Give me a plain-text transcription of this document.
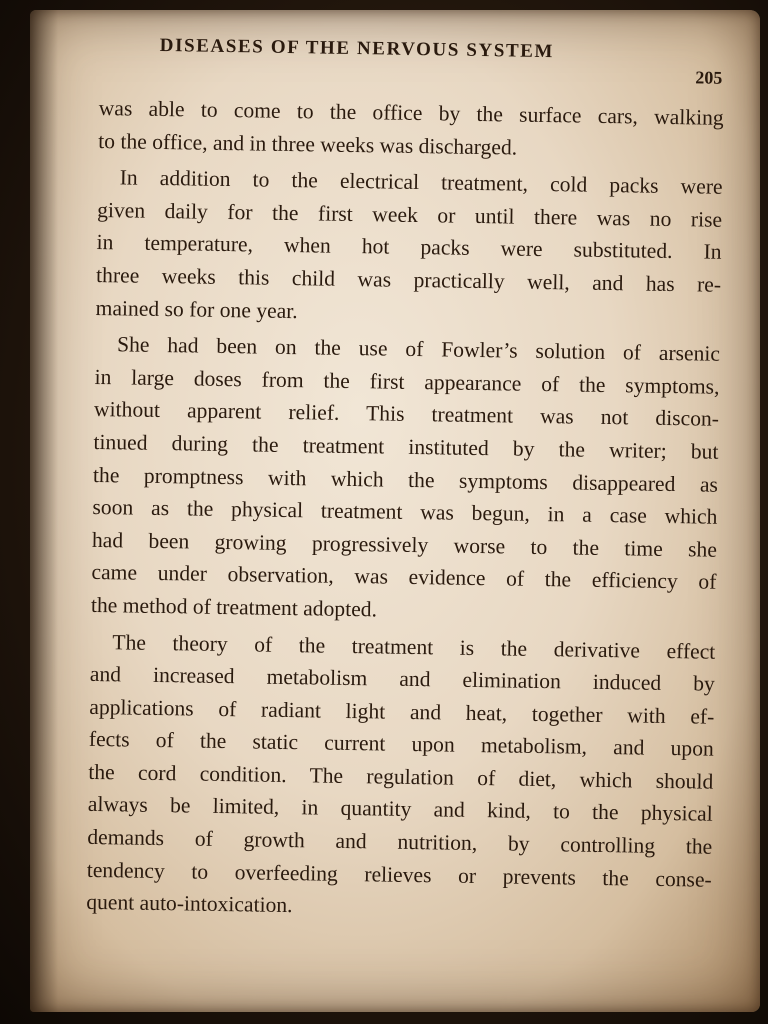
DISEASES OF THE NERVOUS SYSTEM
205
was able to come to the office by the surface cars, walking
to the office, and in three weeks was discharged.
In addition to the electrical treatment, cold packs were
given daily for the first week or until there was no rise
in temperature, when hot packs were substituted. In
three weeks this child was practically well, and has re-
mained so for one year.
She had been on the use of Fowler’s solution of arsenic
in large doses from the first appearance of the symptoms,
without apparent relief. This treatment was not discon-
tinued during the treatment instituted by the writer; but
the promptness with which the symptoms disappeared as
soon as the physical treatment was begun, in a case which
had been growing progressively worse to the time she
came under observation, was evidence of the efficiency of
the method of treatment adopted.
The theory of the treatment is the derivative effect
and increased metabolism and elimination induced by
applications of radiant light and heat, together with ef-
fects of the static current upon metabolism, and upon
the cord condition. The regulation of diet, which should
always be limited, in quantity and kind, to the physical
demands of growth and nutrition, by controlling the
tendency to overfeeding relieves or prevents the conse-
quent auto-intoxication.
